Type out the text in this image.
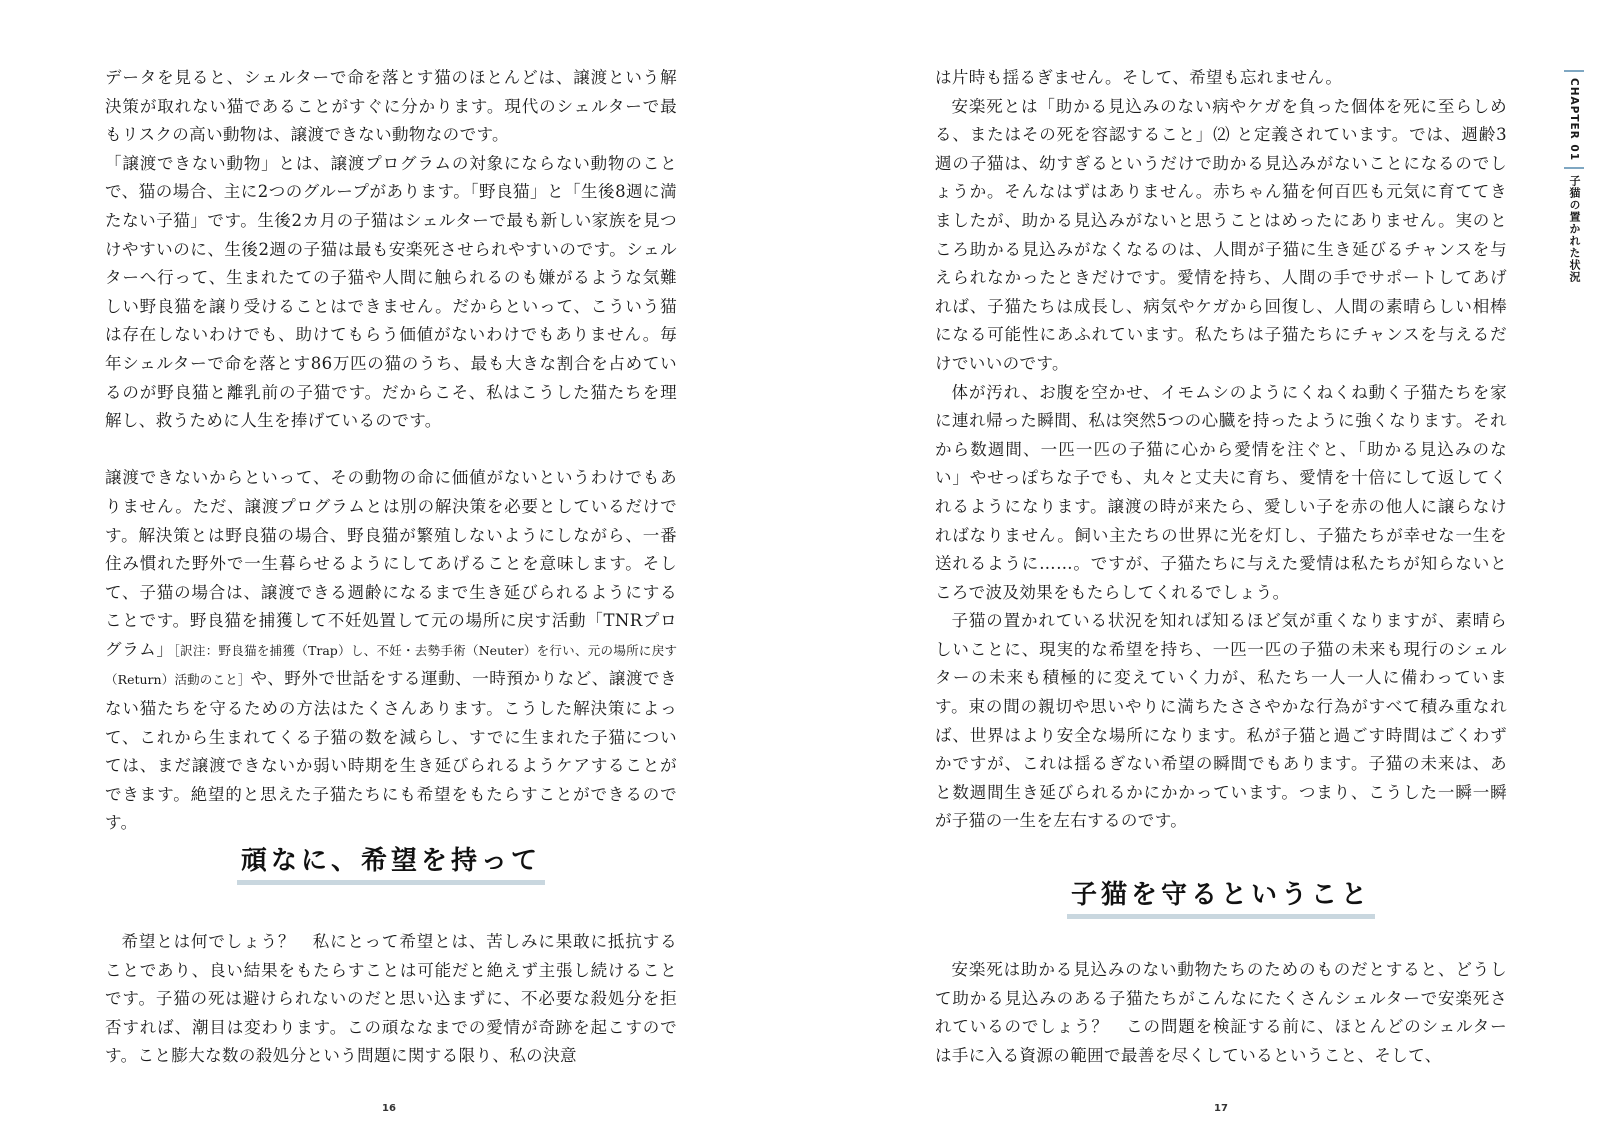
データを見ると、シェルターで命を落とす猫のほとんどは、譲渡という解決策が取れない猫であることがすぐに分かります。現代のシェルターで最もリスクの高い動物は、譲渡できない動物なのです。

「譲渡できない動物」とは、譲渡プログラムの対象にならない動物のことで、猫の場合、主に2つのグループがあります。「野良猫」と「生後8週に満たない子猫」です。生後2カ月の子猫はシェルターで最も新しい家族を見つけやすいのに、生後2週の子猫は最も安楽死させられやすいのです。シェルターへ行って、生まれたての子猫や人間に触られるのも嫌がるような気難しい野良猫を譲り受けることはできません。だからといって、こういう猫は存在しないわけでも、助けてもらう価値がないわけでもありません。毎年シェルターで命を落とす86万匹の猫のうち、最も大きな割合を占めているのが野良猫と離乳前の子猫です。だからこそ、私はこうした猫たちを理解し、救うために人生を捧げているのです。

譲渡できないからといって、その動物の命に価値がないというわけでもありません。ただ、譲渡プログラムとは別の解決策を必要としているだけです。解決策とは野良猫の場合、野良猫が繁殖しないようにしながら、一番住み慣れた野外で一生暮らせるようにしてあげることを意味します。そして、子猫の場合は、譲渡できる週齢になるまで生き延びられるようにすることです。野良猫を捕獲して不妊処置して元の場所に戻す活動「TNRプログラム」［訳注：野良猫を捕獲（Trap）し、不妊・去勢手術（Neuter）を行い、元の場所に戻す（Return）活動のこと］や、野外で世話をする運動、一時預かりなど、譲渡できない猫たちを守るための方法はたくさんあります。こうした解決策によって、これから生まれてくる子猫の数を減らし、すでに生まれた子猫については、まだ譲渡できないか弱い時期を生き延びられるようケアすることができます。絶望的と思えた子猫たちにも希望をもたらすことができるのです。

頑なに、希望を持って

希望とは何でしょう？　私にとって希望とは、苦しみに果敢に抵抗することであり、良い結果をもたらすことは可能だと絶えず主張し続けることです。子猫の死は避けられないのだと思い込まずに、不必要な殺処分を拒否すれば、潮目は変わります。この頑ななまでの愛情が奇跡を起こすのです。こと膨大な数の殺処分という問題に関する限り、私の決意

16

は片時も揺るぎません。そして、希望も忘れません。

安楽死とは「助かる見込みのない病やケガを負った個体を死に至らしめる、またはその死を容認すること」⑵ と定義されています。では、週齢3週の子猫は、幼すぎるというだけで助かる見込みがないことになるのでしょうか。そんなはずはありません。赤ちゃん猫を何百匹も元気に育ててきましたが、助かる見込みがないと思うことはめったにありません。実のところ助かる見込みがなくなるのは、人間が子猫に生き延びるチャンスを与えられなかったときだけです。愛情を持ち、人間の手でサポートしてあげれば、子猫たちは成長し、病気やケガから回復し、人間の素晴らしい相棒になる可能性にあふれています。私たちは子猫たちにチャンスを与えるだけでいいのです。

体が汚れ、お腹を空かせ、イモムシのようにくねくね動く子猫たちを家に連れ帰った瞬間、私は突然5つの心臓を持ったように強くなります。それから数週間、一匹一匹の子猫に心から愛情を注ぐと、「助かる見込みのない」やせっぽちな子でも、丸々と丈夫に育ち、愛情を十倍にして返してくれるようになります。譲渡の時が来たら、愛しい子を赤の他人に譲らなければなりません。飼い主たちの世界に光を灯し、子猫たちが幸せな一生を送れるように……。ですが、子猫たちに与えた愛情は私たちが知らないところで波及効果をもたらしてくれるでしょう。

子猫の置かれている状況を知れば知るほど気が重くなりますが、素晴らしいことに、現実的な希望を持ち、一匹一匹の子猫の未来も現行のシェルターの未来も積極的に変えていく力が、私たち一人一人に備わっています。束の間の親切や思いやりに満ちたささやかな行為がすべて積み重なれば、世界はより安全な場所になります。私が子猫と過ごす時間はごくわずかですが、これは揺るぎない希望の瞬間でもあります。子猫の未来は、あと数週間生き延びられるかにかかっています。つまり、こうした一瞬一瞬が子猫の一生を左右するのです。

子猫を守るということ

安楽死は助かる見込みのない動物たちのためのものだとすると、どうして助かる見込みのある子猫たちがこんなにたくさんシェルターで安楽死されているのでしょう？　この問題を検証する前に、ほとんどのシェルターは手に入る資源の範囲で最善を尽くしているということ、そして、

17
CHAPTER 01
子猫の置かれた状況
